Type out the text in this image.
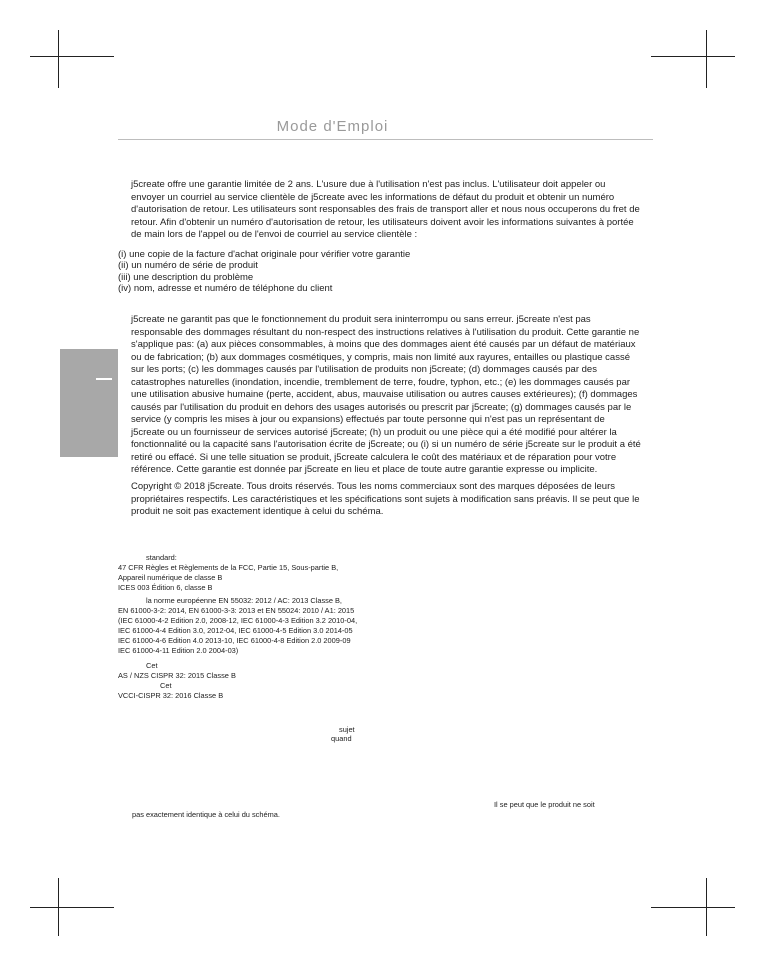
Mode d'Emploi

j5create offre une garantie limitée de 2 ans. L'usure due à l'utilisation n'est pas inclus. L'utilisateur doit appeler ou envoyer un courriel au service clientèle de j5create avec les informations de défaut du produit et obtenir un numéro d'autorisation de retour. Les utilisateurs sont responsables des frais de transport aller et nous nous occuperons du fret de retour. Afin d'obtenir un numéro d'autorisation de retour, les utilisateurs doivent avoir les informations suivantes à portée de main lors de l'appel ou de l'envoi de courriel au service clientèle :

(i) une copie de la facture d'achat originale pour vérifier votre garantie
(ii) un numéro de série de produit
(iii) une description du problème
(iv) nom, adresse et numéro de téléphone du client

j5create ne garantit pas que le fonctionnement du produit sera ininterrompu ou sans erreur. j5create n'est pas responsable des dommages résultant du non-respect des instructions relatives à l'utilisation du produit. Cette garantie ne s'applique pas: (a) aux pièces consommables, à moins que des dommages aient été causés par un défaut de matériaux ou de fabrication; (b) aux dommages cosmétiques, y compris, mais non limité aux rayures, entailles ou plastique cassé sur les ports; (c) les dommages causés par l'utilisation de produits non j5create; (d) dommages causés par des catastrophes naturelles (inondation, incendie, tremblement de terre, foudre, typhon, etc.; (e) les dommages causés par une utilisation abusive humaine (perte, accident, abus, mauvaise utilisation ou autres causes extérieures); (f) dommages causés par l'utilisation du produit en dehors des usages autorisés ou prescrit par j5create; (g) dommages causés par le service (y compris les mises à jour ou expansions) effectués par toute personne qui n'est pas un représentant de j5create ou un fournisseur de services autorisé j5create; (h) un produit ou une pièce qui a été modifié pour altérer la fonctionnalité ou la capacité sans l'autorisation écrite de j5create; ou (i) si un numéro de série j5create sur le produit a été retiré ou effacé. Si une telle situation se produit, j5create calculera le coût des matériaux et de réparation pour votre référence. Cette garantie est donnée par j5create en lieu et place de toute autre garantie expresse ou implicite.

Copyright © 2018 j5create. Tous droits réservés. Tous les noms commerciaux sont des marques déposées de leurs propriétaires respectifs. Les caractéristiques et les spécifications sont sujets à modification sans préavis. Il se peut que le produit ne soit pas exactement identique à celui du schéma.

standard:
47 CFR Règles et Règlements de la FCC, Partie 15, Sous-partie B,
Appareil numérique de classe B
ICES 003 Édition 6, classe B
la norme européenne EN 55032: 2012 / AC: 2013 Classe B,
EN 61000-3-2: 2014, EN 61000-3-3: 2013 et EN 55024: 2010 / A1: 2015
(IEC 61000-4-2 Edition 2.0, 2008-12, IEC 61000-4-3 Edition 3.2 2010-04,
IEC 61000-4-4 Edition 3.0, 2012-04, IEC 61000-4-5 Edition 3.0 2014-05
IEC 61000-4-6 Edition 4.0 2013-10, IEC 61000-4-8 Edition 2.0 2009-09
IEC 61000-4-11 Edition 2.0 2004-03)
Cet
AS / NZS CISPR 32: 2015 Classe B
Cet
VCCI-CISPR 32: 2016 Classe B
sujet
quand
Il se peut que le produit ne soit
pas exactement identique à celui du schéma.
